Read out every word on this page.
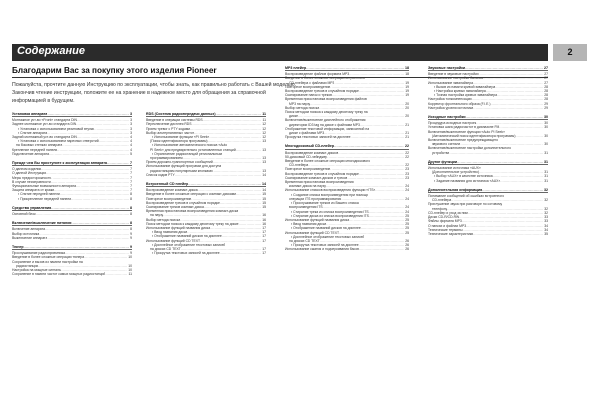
Содержание	2
Благодарим Вас за покупку этого изделия Pioneer
Пожалуйста, прочтите данную Инструкцию по эксплуатации, чтобы знать, как правильно работать с Вашей моделью. Закончив чтение инструкции, положите ее на хранение в надежное место для обращения за справочной информацией в будущем.
Установка аппарата .....	3
Монтажное уст-во «Front» стандарта DIN .....	3
Заднее монтажное уст-во стандарта DIN .....	3
▪ Установка с использованием резиновой втулки .....	3
▪ Снятие аппарата .....	3
Задний монтажный уст-во стандарта DIN .....	4
▪ Установка с использованием нарезных отверстий .....	4
на боковых стенках аппарата .....	4
Крепление передней панели .....	4
Подключение аппарата .....	5
Прежде чем Вы приступите к эксплуатации аппарата .....	7
О данном изделии .....	7
О данной Инструкции .....	7
Меры предосторожности .....	7
В случае неисправности .....	7
Функциональные возможности аппарата .....	7
Защита аппарата от кражи .....	7
▪ Снятие передней панели .....	8
▪ Прикрепление передней панели .....	8
Средства управления .....	8
Основной блок .....	8
Включение/выключение питания .....	8
Включение аппарата .....	8
Выбор источника .....	9
Выключение аппарата .....	9
Тюнер .....	9
Прослушивание радиоприемника .....	9
Введение в более сложные операции тюнера .....	10
Сохранение и вызов из памяти настройки на
радиостанции .....	10
Настройка на мощные сигналы .....	10
Сохранение в памяти частот самых мощных радиостанций .....	11
RDS (Система радиопередачи данных) .....	11
Введение в операции системы RDS .....	11
Переключение дисплея RDS .....	12
Прием тревог с PTY кодами .....	12
Выбор альтернативных частот .....	12
▪ Использование функции «PI Seek» .....	12
(Поиск идентификатора программы) .....	13
▪ Использование автоматического поиска «Auto
PI Seek» для предварительно установленных станций .....	13
▪ Ограничение радиостанций региональным
программированием .....	13
Прием дорожно-транспортных сообщений .....	13
Использование функций программ для доступа
радиостанциям популярными кнопками .....	13
Список кодов PTY .....	14
Встроенный CD плейер .....	14
Воспроизведение компакт-диска .....	14
Введение в более сложные операции с компакт-дисками .....	15
Повторное воспроизведение .....	15
Воспроизведение треков в случайном порядке .....	15
Сканирование треков компакт-диска .....	15
Временная приостановка воспроизведения компакт-диска
на паузу .....	16
Выбор метода поиска .....	16
Поиск методом поиска к каждому десятому треку на диске .....	16
Использование функций названия диска .....	17
▪ Ввод названия диска .....	17
▪ Отображение названий дисков на дисплее .....	17
Использование функций CD TEXT .....	17
▪ Дисплейное отображение текстовых записей
на дисках CD TEXT .....	17
▪ Прокрутка текстовых записей на дисплее .....	17
MP3 плейер .....	18
Воспроизведение файлов формата MP3 .....	18
Введение в более сложные операции встроенного
CD-плейера с файлами MP3 .....	19
Повторное воспроизведение .....	19
Воспроизведение треков в случайном порядке .....	19
Сканирование папок и треков .....	19
Временная приостановка воспроизведения файлов
MP3 на паузу .....	20
Выбор метода поиска .....	20
Поиск методом поиска к каждому десятому треку на
диске .....	20
Включение/выключение дисплейного отображения
директории ID3 tag на диске с файлами MP3 .....	21
Отображение текстовой информации, записанной на
диске с файлами MP3 .....	21
Прокрутка текстовых записей на дисплее .....	21
Многодисковый CD-плейер .....	22
Воспроизведение компакт-дисков .....	22
50-дисковый CD-чейнджер .....	22
Введение в более сложные операции многодискового
CD-плейера .....	22
Повторное воспроизведение .....	23
Воспроизведение треков в случайном порядке .....	23
Сканирование компакт-дисков и треков .....	23
Временная приостановка воспроизведения
компакт-диска на паузу .....	24
Использование списков воспроизведения функции «ITS» .....	24
▪ Создание списка воспроизведения при помощи
операции ITS программирования .....	24
▪ Прослушивание треков из Вашего списка
воспроизведения ITS .....	24
▪ Стирание трека из списка воспроизведения ITS .....	24
▪ Стирание диска из списка воспроизведения ITS .....	25
Использование функций названия диска .....	25
▪ Ввод названия диска .....	25
▪ Отображение названий дисков на дисплее .....	25
Использование функций CD TEXT .....	25
▪ Дисплейное отображение текстовых записей
на дисках CD TEXT .....	26
▪ Прокрутка текстовых записей на дисплее .....	26
Использование сжатия и подчеркивания басов .....	26
Звуковые настройки .....	27
Введение в звуковые настройки .....	27
Использование настройки баланса .....	27
Использование эквалайзера .....	27
▪ Вызов из памяти кривой эквалайзера .....	28
▪ Настройка кривых эквалайзера .....	28
▪ Точная настройка кривых эквалайзера .....	28
Настройка тонкомпенсации .....	28
Корректор фронтального образа (F.I.E.) .....	29
Настройка уровня источника .....	29
Исходные настройки .....	30
Процедура исходных настроек .....	30
Установка шага радиочастот в диапазоне FM .....	30
Включение/выключение функции «Auto PI Seek»
(Автоматический поиск идентификатора программы) .....	30
Включение/выключение предупреждающего
звукового сигнала .....	30
Включение/выключение настройки дополнительного
устройства .....	31
Другие функции .....	31
Использование источника «AUX»
(Дополнительное устройство) .....	31
▪ Выбор «AUX» в качестве источника .....	31
▪ Задание названия для источника «AUX» .....	31
Дополнительная информация .....	32
Понимание сообщений об ошибках встроенного
CD-плейера .....	32
Приглушение звука при разговоре по сотовому
телефону .....	32
CD-плейер и уход за ним .....	32
Диски CD-R/CD-RW .....	33
Файлы формата MP3 .....	33
О папках и файлах MP3 .....	34
Технические термины .....	34
Технические характеристики .....	35
